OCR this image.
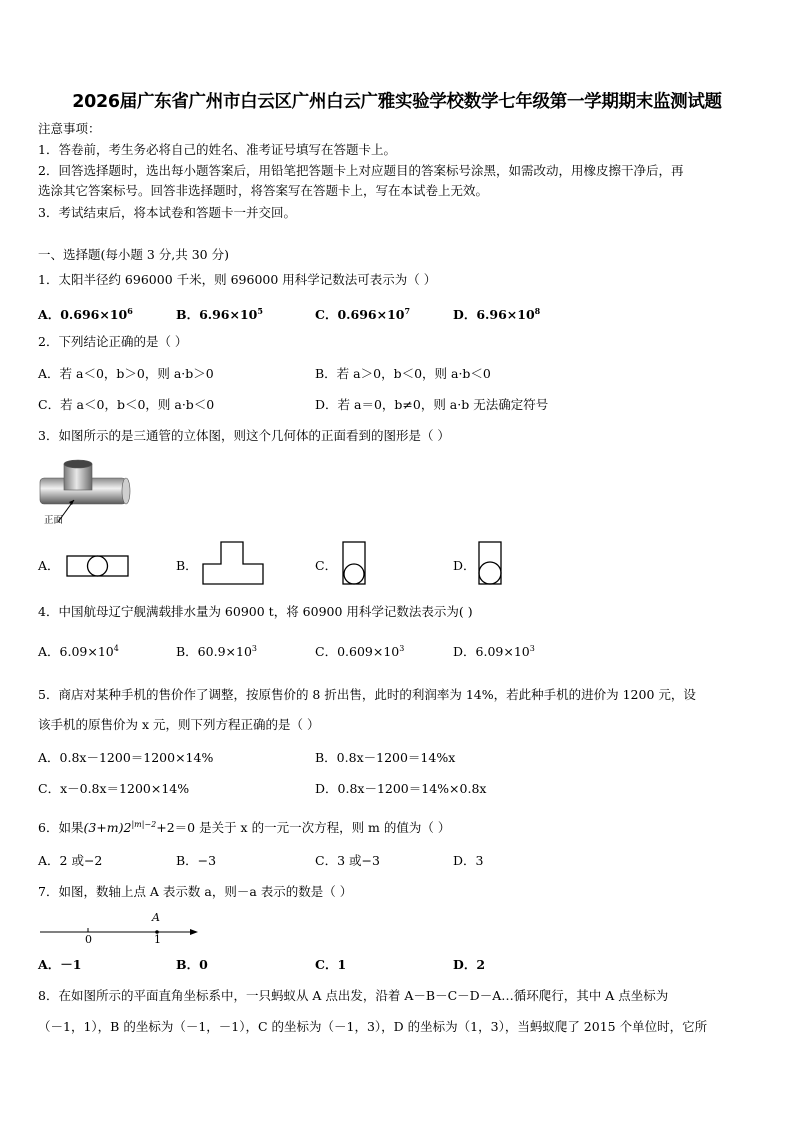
2026届广东省广州市白云区广州白云广雅实验学校数学七年级第一学期期末监测试题
注意事项：
1．答卷前，考生务必将自己的姓名、准考证号填写在答题卡上。
2．回答选择题时，选出每小题答案后，用铅笔把答题卡上对应题目的答案标号涂黑，如需改动，用橡皮擦干净后，再
选涂其它答案标号。回答非选择题时，将答案写在答题卡上，写在本试卷上无效。
3．考试结束后，将本试卷和答题卡一并交回。
一、选择题(每小题 3 分,共 30 分)
1．太阳半径约 696000 千米，则 696000 用科学记数法可表示为（ ）
A．$0.696\times 10^6$	B．$6.96\times 10^5$	C．$0.696\times 10^7$	D．$6.96\times 10^8$
2．下列结论正确的是（ ）
A．若 a＜0，b＞0，则 a·b＞0	B．若 a＞0，b＜0，则 a·b＜0
C．若 a＜0，b＜0，则 a·b＜0	D．若 a＝0，b≠0，则 a·b 无法确定符号
3．如图所示的是三通管的立体图，则这个几何体的正面看到的图形是（ ）
正面
A．	B．	C．	D．
4．中国航母辽宁舰满载排水量为 60900 t，将 60900 用科学记数法表示为( )
A．$6.09\times 10^4$	B．$60.9\times 10^3$	C．$0.609\times 10^3$	D．$6.09\times 10^3$
5．商店对某种手机的售价作了调整，按原售价的 8 折出售，此时的利润率为 14%，若此种手机的进价为 1200 元，设
该手机的原售价为 x 元，则下列方程正确的是（ ）
A．0.8x－1200＝1200×14%	B．0.8x－1200＝14%x
C．x－0.8x＝1200×14%	D．0.8x－1200＝14%×0.8x
6．如果$(3+m)2^{|m|-2}+2=0$ 是关于 x 的一元一次方程，则 m 的值为（ ）
A．2 或−2	B．−3	C．3 或−3	D．3
7．如图，数轴上点 A 表示数 a，则－a 表示的数是（ ）
A
0	1
A．－1	B．0	C．1	D．2
8．在如图所示的平面直角坐标系中，一只蚂蚁从 A 点出发，沿着 A－B－C－D－A…循环爬行，其中 A 点坐标为
（－1，1），B 的坐标为（－1，－1），C 的坐标为（－1，3），D 的坐标为（1，3），当蚂蚁爬了 2015 个单位时，它所
